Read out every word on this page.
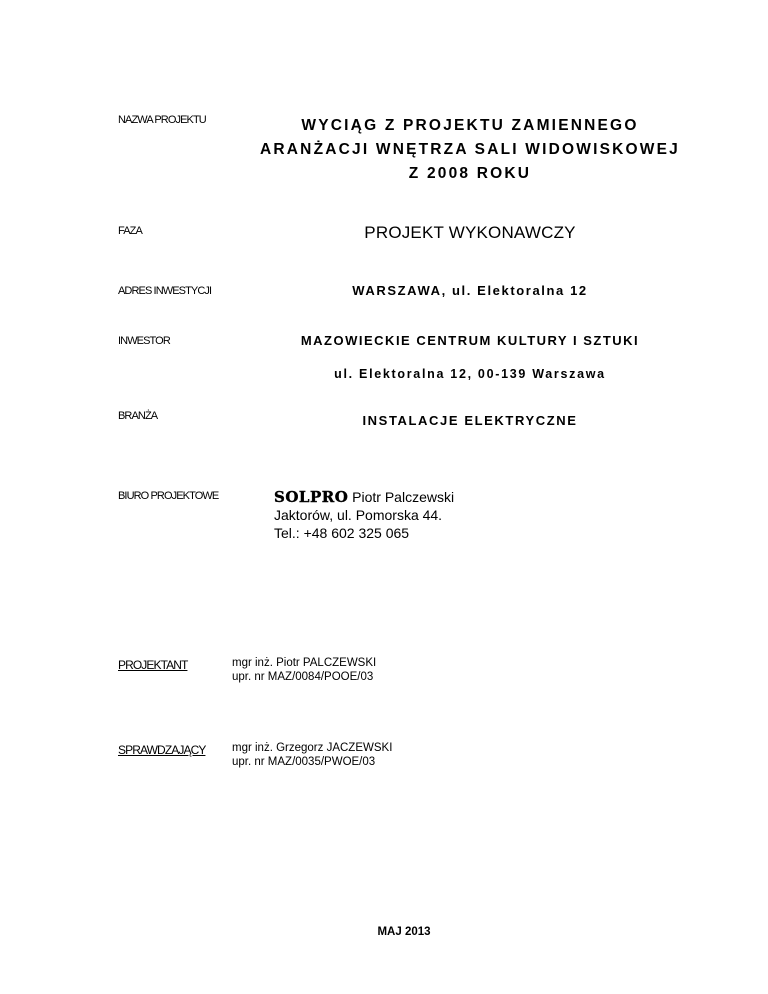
NAZWA PROJEKTU	WYCIĄG Z PROJEKTU ZAMIENNEGO
ARANŻACJI WNĘTRZA SALI WIDOWISKOWEJ
Z 2008 ROKU
FAZA	PROJEKT WYKONAWCZY
ADRES INWESTYCJI	WARSZAWA, ul. Elektoralna 12
INWESTOR	MAZOWIECKIE CENTRUM KULTURY I SZTUKI
ul. Elektoralna 12, 00-139 Warszawa
BRANŻA	INSTALACJE ELEKTRYCZNE
BIURO PROJEKTOWE	SOLPRO Piotr Palczewski
Jaktorów, ul. Pomorska 44.
Tel.: +48 602 325 065
PROJEKTANT	mgr inż. Piotr PALCZEWSKI
upr. nr MAZ/0084/POOE/03
SPRAWDZAJĄCY mgr inż. Grzegorz JACZEWSKI
upr. nr MAZ/0035/PWOE/03
MAJ 2013
